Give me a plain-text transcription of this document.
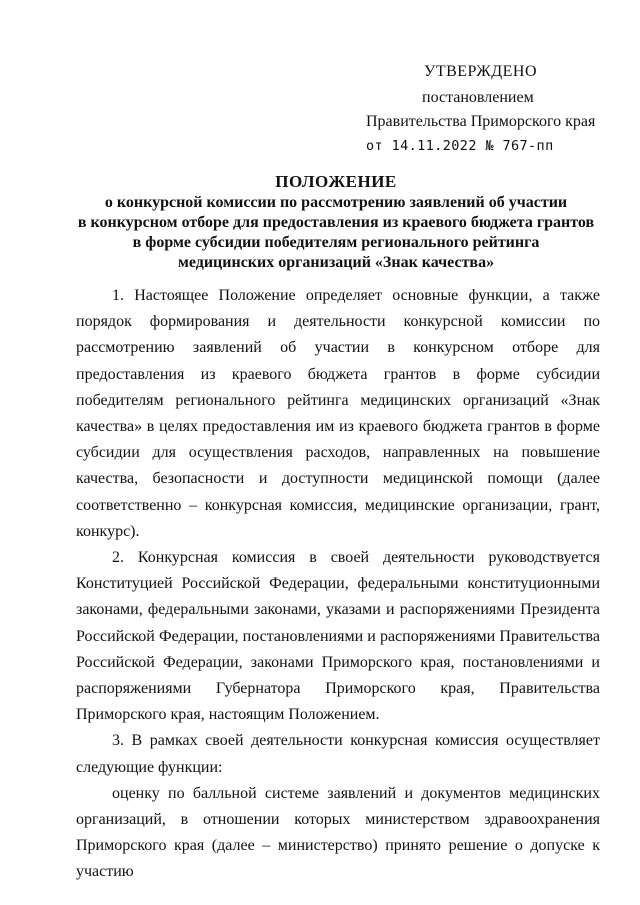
УТВЕРЖДЕНО
постановлением
Правительства Приморского края
от 14.11.2022 № 767-пп
ПОЛОЖЕНИЕ
о конкурсной комиссии по рассмотрению заявлений об участии
в конкурсном отборе для предоставления из краевого бюджета грантов
в форме субсидии победителям регионального рейтинга
медицинских организаций «Знак качества»

1. Настоящее Положение определяет основные функции, а также порядок формирования и деятельности конкурсной комиссии по рассмотрению заявлений об участии в конкурсном отборе для предоставления из краевого бюджета грантов в форме субсидии победителям регионального рейтинга медицинских организаций «Знак качества» в целях предоставления им из краевого бюджета грантов в форме субсидии для осуществления расходов, направленных на повышение качества, безопасности и доступности медицинской помощи (далее соответственно – конкурсная комиссия, медицинские организации, грант, конкурс).

2. Конкурсная комиссия в своей деятельности руководствуется Конституцией Российской Федерации, федеральными конституционными законами, федеральными законами, указами и распоряжениями Президента Российской Федерации, постановлениями и распоряжениями Правительства Российской Федерации, законами Приморского края, постановлениями и распоряжениями Губернатора Приморского края, Правительства Приморского края, настоящим Положением.

3. В рамках своей деятельности конкурсная комиссия осуществляет следующие функции:

оценку по балльной системе заявлений и документов медицинских организаций, в отношении которых министерством здравоохранения Приморского края (далее – министерство) принято решение о допуске к участию
